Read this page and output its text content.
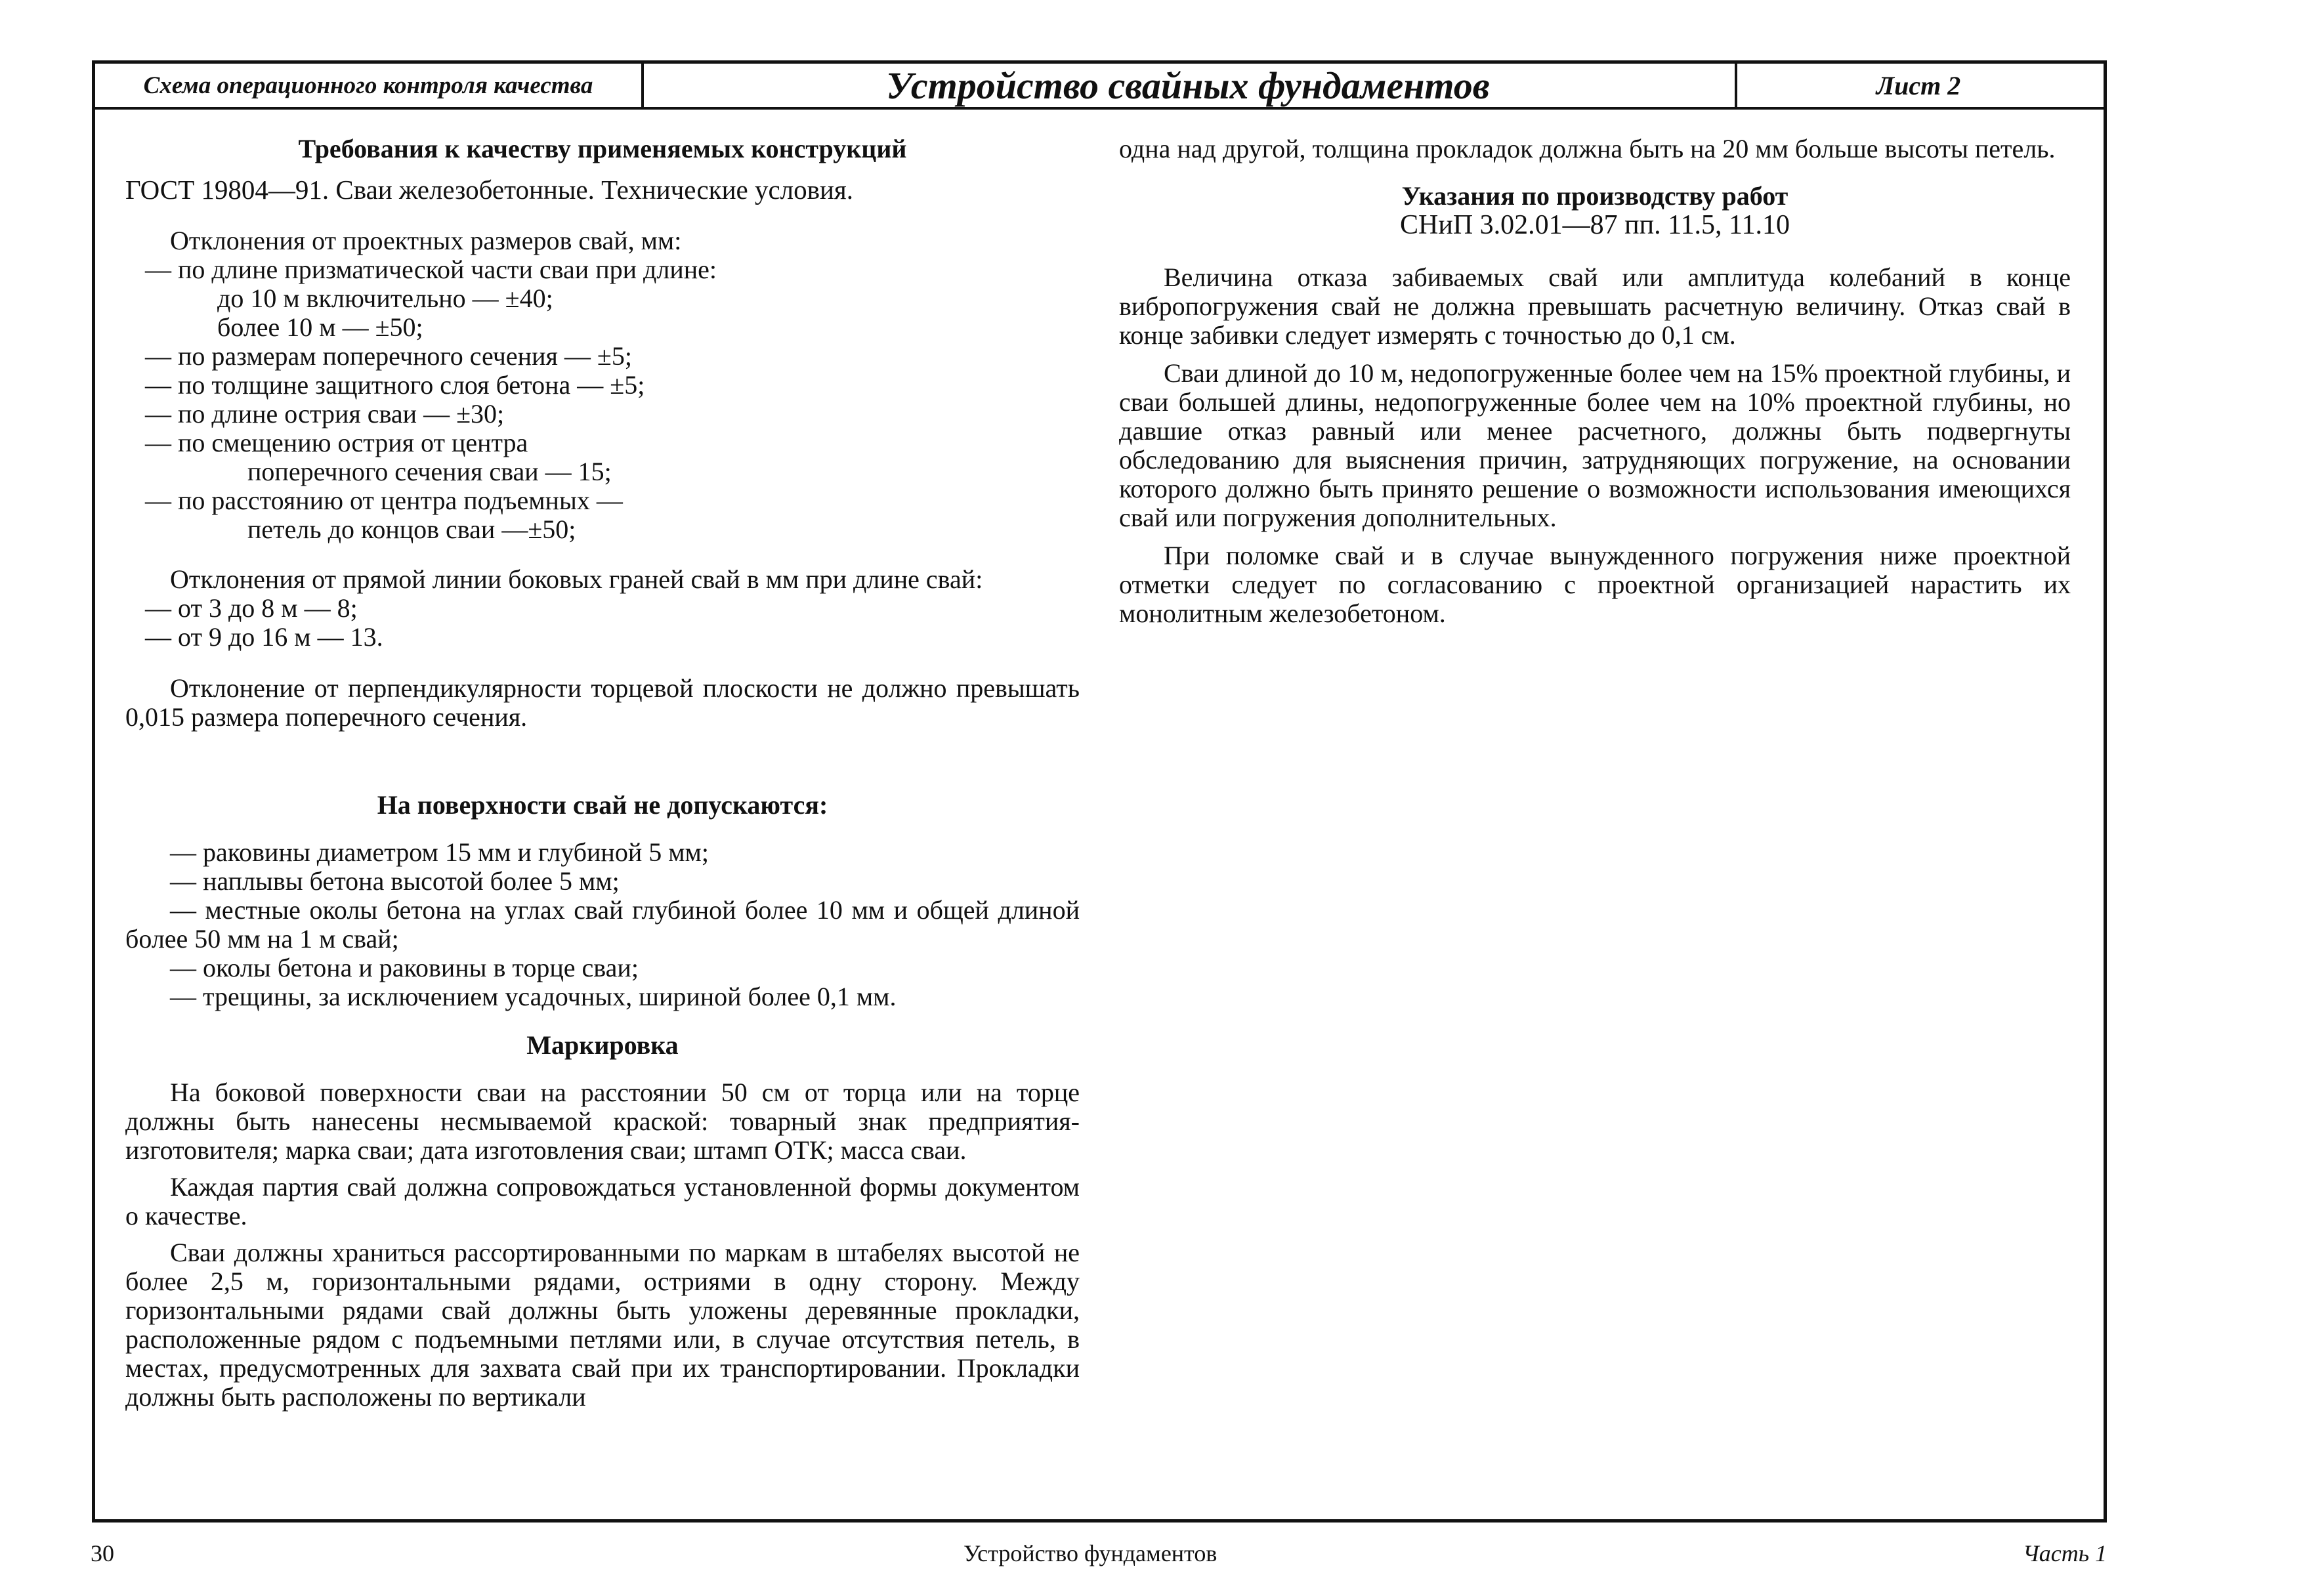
Схема операционного контроля качества	Устройство свайных фундаментов	Лист 2

Требования к качеству применяемых конструкций

ГОСТ 19804—91. Сваи железобетонные. Технические условия.

Отклонения от проектных размеров свай, мм:

— по длине призматической части сваи при длине:

до 10 м включительно — ±40;

более 10 м — ±50;

— по размерам поперечного сечения — ±5;

— по толщине защитного слоя бетона — ±5;

— по длине острия сваи — ±30;

— по смещению острия от центра

поперечного сечения сваи — 15;

— по расстоянию от центра подъемных —

петель до концов сваи —±50;

Отклонения от прямой линии боковых граней свай в мм при длине свай:

— от 3 до 8 м — 8;

— от 9 до 16 м — 13.

Отклонение от перпендикулярности торцевой плоскости не должно превышать 0,015 размера поперечного сечения.

На поверхности свай не допускаются:

— раковины диаметром 15 мм и глубиной 5 мм;

— наплывы бетона высотой более 5 мм;

— местные околы бетона на углах свай глубиной более 10 мм и общей длиной более 50 мм на 1 м свай;

— околы бетона и раковины в торце сваи;

— трещины, за исключением усадочных, шириной более 0,1 мм.

Маркировка

На боковой поверхности сваи на расстоянии 50 см от торца или на торце должны быть нанесены несмываемой краской: товарный знак предприятия-изготовителя; марка сваи; дата изготовления сваи; штамп ОТК; масса сваи.

Каждая партия свай должна сопровождаться установленной формы документом о качестве.

Сваи должны храниться рассортированными по маркам в штабелях высотой не более 2,5 м, горизонтальными рядами, остриями в одну сторону. Между горизонтальными рядами свай должны быть уложены деревянные прокладки, расположенные рядом с подъемными петлями или, в случае отсутствия петель, в местах, предусмотренных для захвата свай при их транспортировании. Прокладки должны быть расположены по вертикали

одна над другой, толщина прокладок должна быть на 20 мм больше высоты петель.

Указания по производству работ

СНиП 3.02.01—87 пп. 11.5, 11.10

Величина отказа забиваемых свай или амплитуда колебаний в конце вибропогружения свай не должна превышать расчетную величину. Отказ свай в конце забивки следует измерять с точностью до 0,1 см.

Сваи длиной до 10 м, недопогруженные более чем на 15% проектной глубины, и сваи большей длины, недопогруженные более чем на 10% проектной глубины, но давшие отказ равный или менее расчетного, должны быть подвергнуты обследованию для выяснения причин, затрудняющих погружение, на основании которого должно быть принято решение о возможности использования имеющихся свай или погружения дополнительных.

При поломке свай и в случае вынужденного погружения ниже проектной отметки следует по согласованию с проектной организацией нарастить их монолитным железобетоном.

30	Устройство фундаментов	Часть 1
